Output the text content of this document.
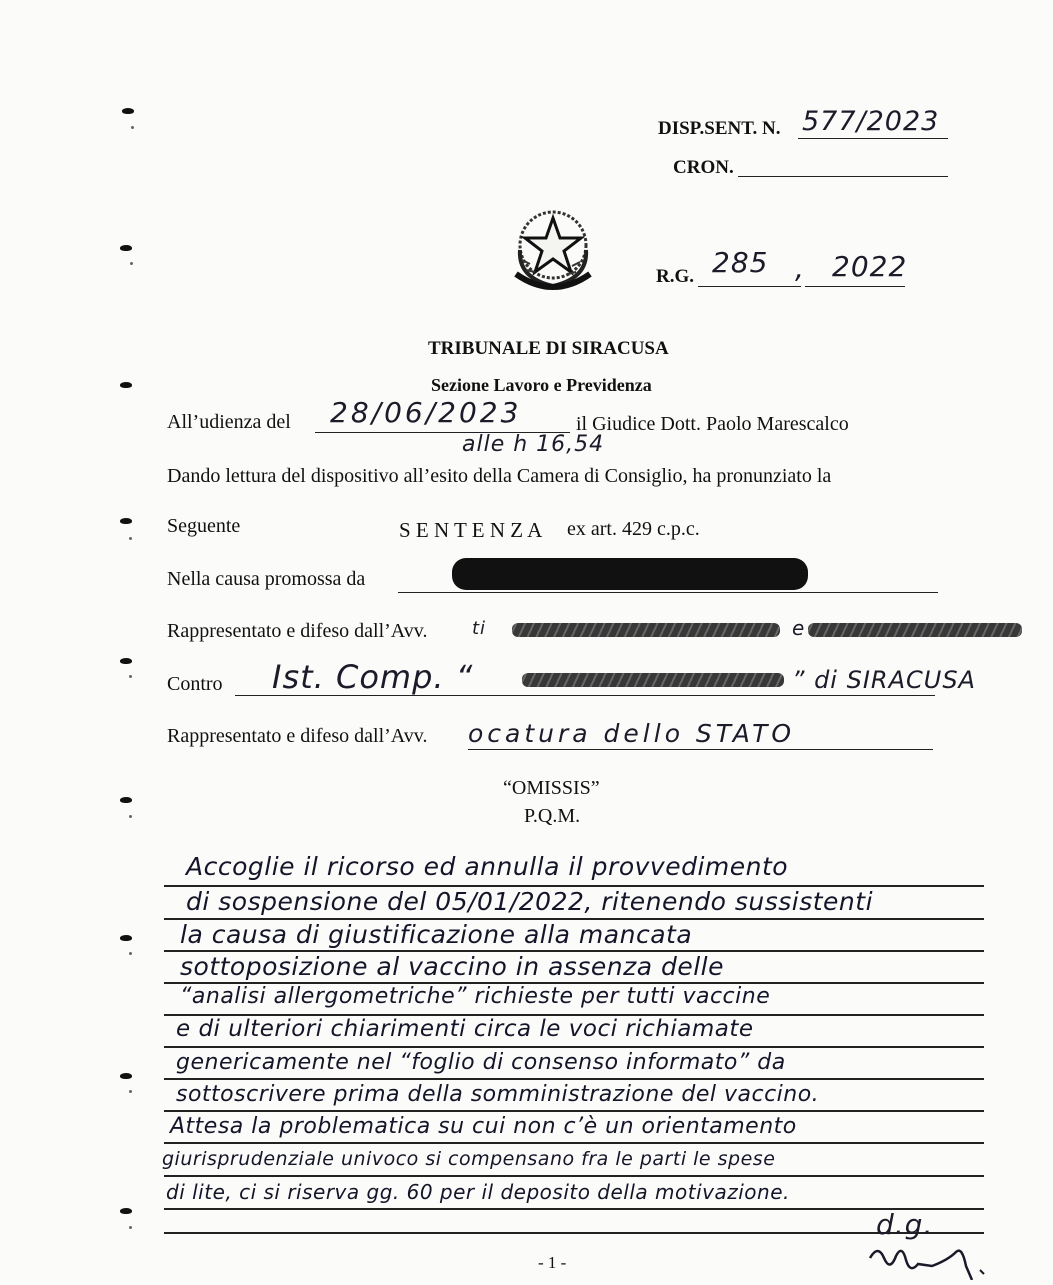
DISP.SENT. N. 577/2023
CRON.
R.G. 285 , 2022
TRIBUNALE DI SIRACUSA
Sezione Lavoro e Previdenza
All’udienza del 28/06/2023	il Giudice Dott. Paolo Marescalco
alle h 16,54
Dando lettura del dispositivo all’esito della Camera di Consiglio, ha pronunziato la
Seguente	S E N T E N Z A ex art. 429 c.p.c.
Nella causa promossa da
Rappresentato e difeso dall’Avv. ti	e
Contro Ist. Comp. “	” di SIRACUSA
Rappresentato e difeso dall’Avv. ocatura dello STATO
“OMISSIS”
P.Q.M.
Accoglie il ricorso ed annulla il provvedimento
di sospensione del 05/01/2022, ritenendo sussistenti
la causa di giustificazione alla mancata
sottoposizione al vaccino in assenza delle
“analisi allergometriche” richieste per tutti vaccine
e di ulteriori chiarimenti circa le voci richiamate
genericamente nel “foglio di consenso informato” da
sottoscrivere prima della somministrazione del vaccino.
Attesa la problematica su cui non c’è un orientamento
giurisprudenziale univoco si compensano fra le parti le spese
di lite, ci si riserva gg. 60 per il deposito della motivazione.
d.g.
- 1 -
